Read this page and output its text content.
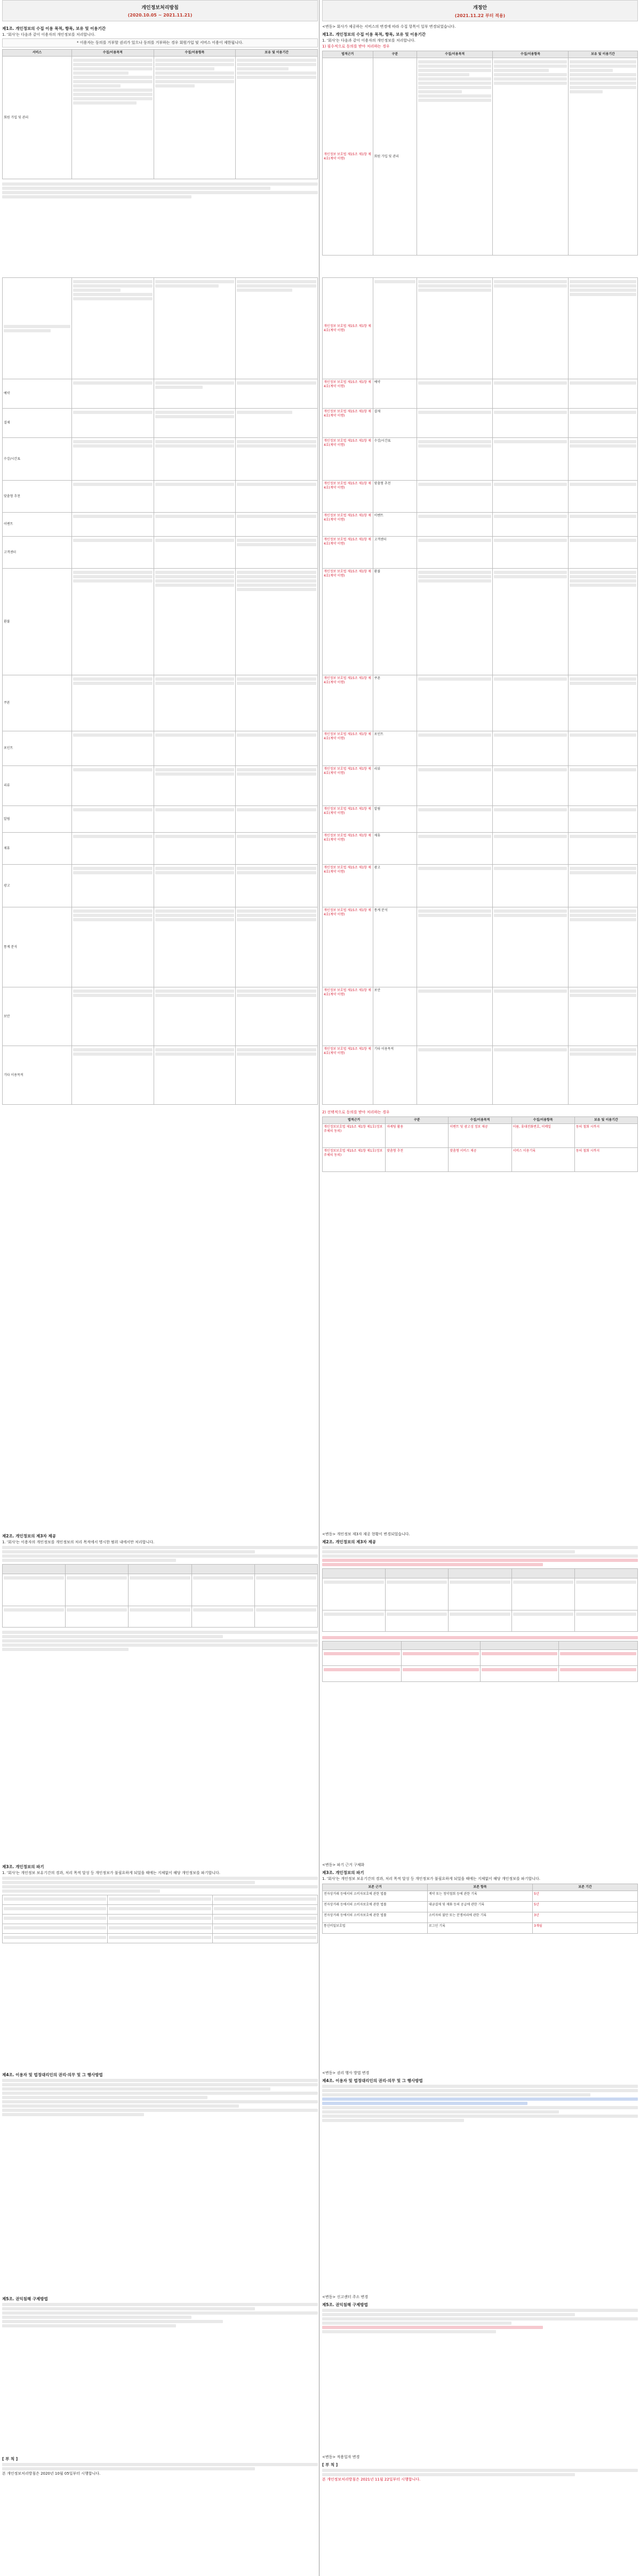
개인정보처리방침
(2020.10.05 ~ 2021.11.21)
제1조. 개인정보의 수집 이용 목적, 항목, 보유 및 이용기간
1. '회사'는 다음과 같이 이용자의 개인정보를 처리합니다.
* 이용자는 동의를 거부할 권리가 있으나 동의를 거부하는 경우 회원가입 및 서비스 이용이 제한됩니다.
서비스	수집/이용목적	수집/이용항목	보유 및 이용기간
회원 가입 및 관리	

예약	

결제	

수강/시간표	

맞춤형 추천	

이벤트	

고객센터	

환불	

쿠폰	

포인트	

리뷰	

알림	

제휴	

광고	

통계 분석	

보안	

기타 이용목적	

제2조. 개인정보의 제3자 제공
1. '회사'는 이용자의 개인정보를 개인정보의 처리 목적에서 명시한 범위 내에서만 처리합니다.

제3조. 개인정보의 파기
1. '회사'는 개인정보 보유기간의 경과, 처리 목적 달성 등 개인정보가 불필요하게 되었을 때에는 지체없이 해당 개인정보를 파기합니다.

제4조. 이용자 및 법정대리인의 권리·의무 및 그 행사방법
제5조. 권익침해 구제방법
[ 부 칙 ]
본 개인정보처리방침은 2020년 10월 05일부터 시행합니다.
개정안
(2021.11.22 부터 적용)
<변동> 회사가 제공하는 서비스의 변경에 따라 수집 항목이 일부 변경되었습니다.
제1조. 개인정보의 수집 이용 목적, 항목, 보유 및 이용기간
1. '회사'는 다음과 같이 이용자의 개인정보를 처리합니다.
1) 필수적으로 동의를 받아 처리하는 경우
법적근거	구분	수집/이용목적	수집/이용항목	보유 및 이용기간
개인정보 보호법 제15조 제1항 제4호(계약 이행)	회원 가입 및 관리	

개인정보 보호법 제15조 제1항 제4호(계약 이행)	

개인정보 보호법 제15조 제1항 제4호(계약 이행)	예약	

개인정보 보호법 제15조 제1항 제4호(계약 이행)	결제	

개인정보 보호법 제15조 제1항 제4호(계약 이행)	수강/시간표	

개인정보 보호법 제15조 제1항 제4호(계약 이행)	맞춤형 추천	

개인정보 보호법 제15조 제1항 제4호(계약 이행)	이벤트	

개인정보 보호법 제15조 제1항 제4호(계약 이행)	고객센터	

개인정보 보호법 제15조 제1항 제4호(계약 이행)	환불	

개인정보 보호법 제15조 제1항 제4호(계약 이행)	쿠폰	

개인정보 보호법 제15조 제1항 제4호(계약 이행)	포인트	

개인정보 보호법 제15조 제1항 제4호(계약 이행)	리뷰	

개인정보 보호법 제15조 제1항 제4호(계약 이행)	알림	

개인정보 보호법 제15조 제1항 제4호(계약 이행)	제휴	

개인정보 보호법 제15조 제1항 제4호(계약 이행)	광고	

개인정보 보호법 제15조 제1항 제4호(계약 이행)	통계 분석	

개인정보 보호법 제15조 제1항 제4호(계약 이행)	보안	

개인정보 보호법 제15조 제1항 제4호(계약 이행)	기타 이용목적	

2) 선택적으로 동의를 받아 처리하는 경우
법적근거	구분	수집/이용목적	수집/이용항목	보유 및 이용기간
개인정보보호법 제15조 제1항 제1호(정보주체의 동의)	마케팅 활용	이벤트 및 광고성 정보 제공	이름, 휴대전화번호, 이메일	동의 철회 시까지
개인정보보호법 제15조 제1항 제1호(정보주체의 동의)	맞춤형 추천	맞춤형 서비스 제공	서비스 이용기록	동의 철회 시까지
<변동> 개인정보 제3자 제공 현황이 변경되었습니다.
제2조. 개인정보의 제3자 제공

<변동> 파기 근거 구체화
제3조. 개인정보의 파기
1. '회사'는 개인정보 보유기간의 경과, 처리 목적 달성 등 개인정보가 불필요하게 되었을 때에는 지체없이 해당 개인정보를 파기합니다.
보존 근거	보존 항목	보존 기간
전자상거래 등에서의 소비자보호에 관한 법률	계약 또는 청약철회 등에 관한 기록	5년
전자상거래 등에서의 소비자보호에 관한 법률	대금결제 및 재화 등의 공급에 관한 기록	5년
전자상거래 등에서의 소비자보호에 관한 법률	소비자의 불만 또는 분쟁처리에 관한 기록	3년
통신비밀보호법	로그인 기록	3개월
<변동> 권리 행사 방법 변경
제4조. 이용자 및 법정대리인의 권리·의무 및 그 행사방법
<변동> 신고센터 주소 변경
제5조. 권익침해 구제방법
<변동> 적용일자 변경
[ 부 칙 ]
본 개인정보처리방침은 2021년 11월 22일부터 시행합니다.
